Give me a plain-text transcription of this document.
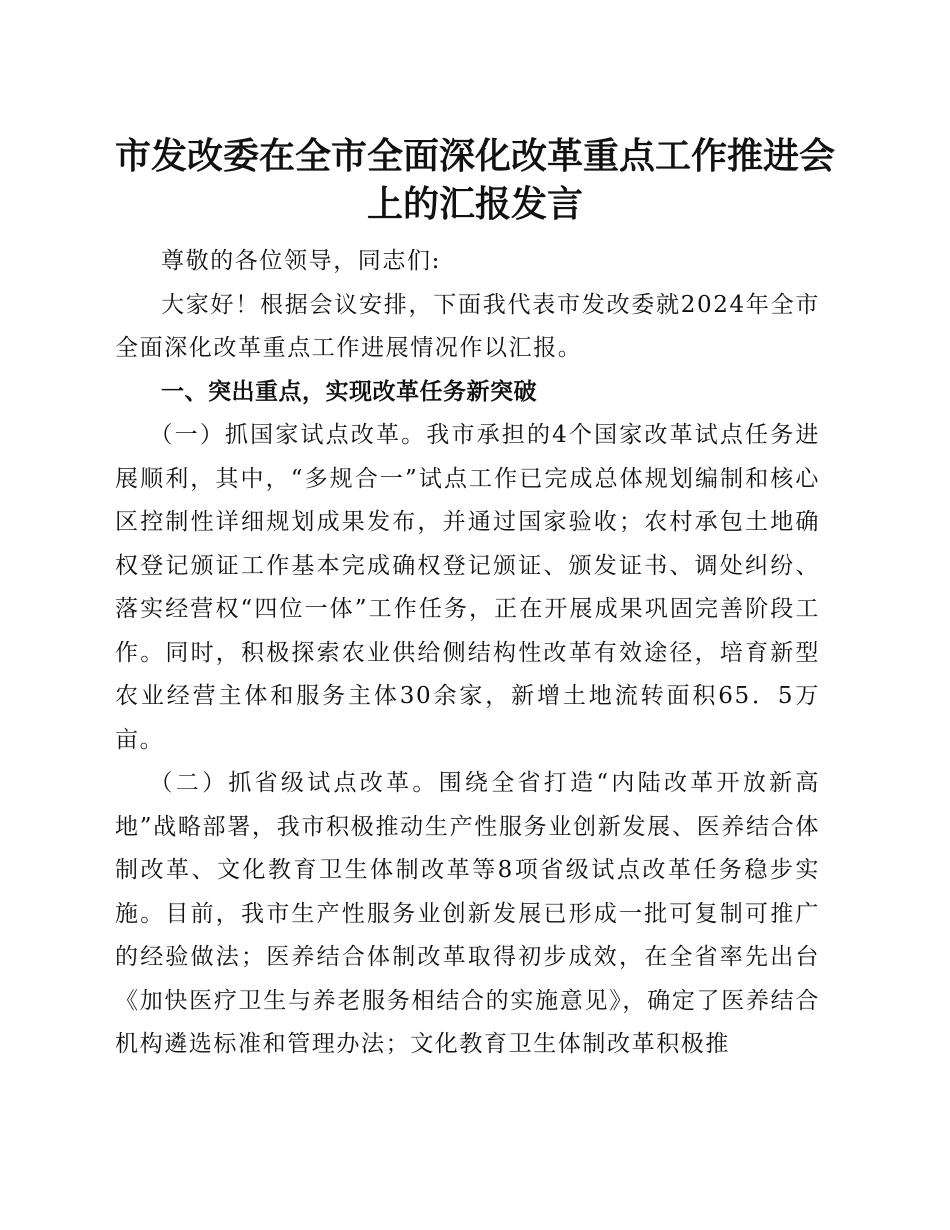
市发改委在全市全面深化改革重点工作推进会
上的汇报发言

尊敬的各位领导，同志们:

大家好！根据会议安排，下面我代表市发改委就2024年全市全面深化改革重点工作进展情况作以汇报。

一、突出重点，实现改革任务新突破

（一）抓国家试点改革。我市承担的4个国家改革试点任务进展顺利，其中，“多规合一”试点工作已完成总体规划编制和核心区控制性详细规划成果发布，并通过国家验收；农村承包土地确权登记颁证工作基本完成确权登记颁证、颁发证书、调处纠纷、落实经营权“四位一体”工作任务，正在开展成果巩固完善阶段工作。同时，积极探索农业供给侧结构性改革有效途径，培育新型农业经营主体和服务主体30余家，新增土地流转面积65．5万亩。

（二）抓省级试点改革。围绕全省打造“内陆改革开放新高地”战略部署，我市积极推动生产性服务业创新发展、医养结合体制改革、文化教育卫生体制改革等8项省级试点改革任务稳步实施。目前，我市生产性服务业创新发展已形成一批可复制可推广的经验做法；医养结合体制改革取得初步成效，在全省率先出台《加快医疗卫生与养老服务相结合的实施意见》，确定了医养结合机构遴选标准和管理办法；文化教育卫生体制改革积极推
